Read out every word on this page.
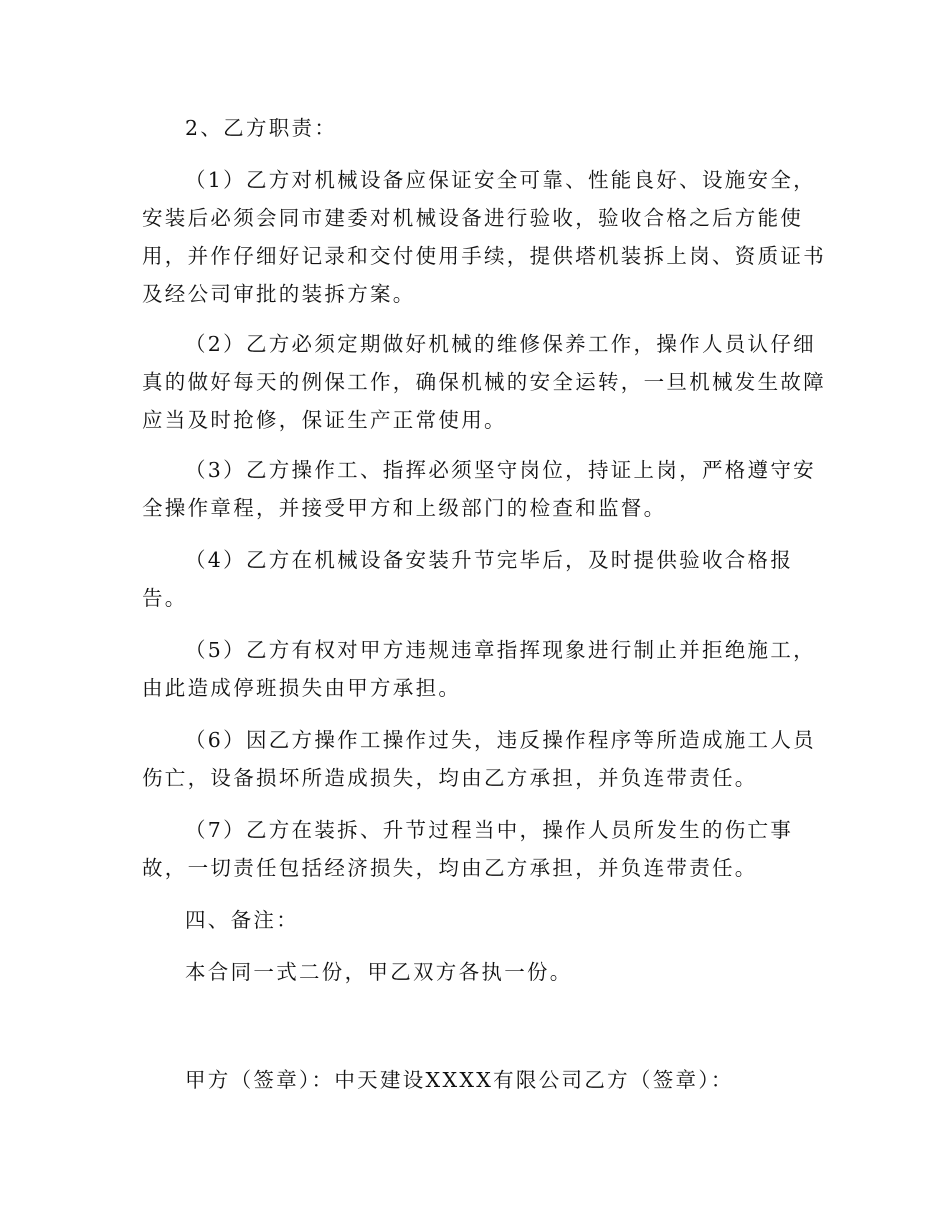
2、乙方职责：
（1）乙方对机械设备应保证安全可靠、性能良好、设施安全，
安装后必须会同市建委对机械设备进行验收，验收合格之后方能使
用，并作仔细好记录和交付使用手续，提供塔机装拆上岗、资质证书
及经公司审批的装拆方案。
（2）乙方必须定期做好机械的维修保养工作，操作人员认仔细
真的做好每天的例保工作，确保机械的安全运转，一旦机械发生故障
应当及时抢修，保证生产正常使用。
（3）乙方操作工、指挥必须坚守岗位，持证上岗，严格遵守安
全操作章程，并接受甲方和上级部门的检查和监督。
（4）乙方在机械设备安装升节完毕后，及时提供验收合格报
告。
（5）乙方有权对甲方违规违章指挥现象进行制止并拒绝施工，
由此造成停班损失由甲方承担。
（6）因乙方操作工操作过失，违反操作程序等所造成施工人员
伤亡，设备损坏所造成损失，均由乙方承担，并负连带责任。
（7）乙方在装拆、升节过程当中，操作人员所发生的伤亡事
故，一切责任包括经济损失，均由乙方承担，并负连带责任。
四、备注：
本合同一式二份，甲乙双方各执一份。
甲方（签章）：中天建设XXXX有限公司乙方（签章）：
